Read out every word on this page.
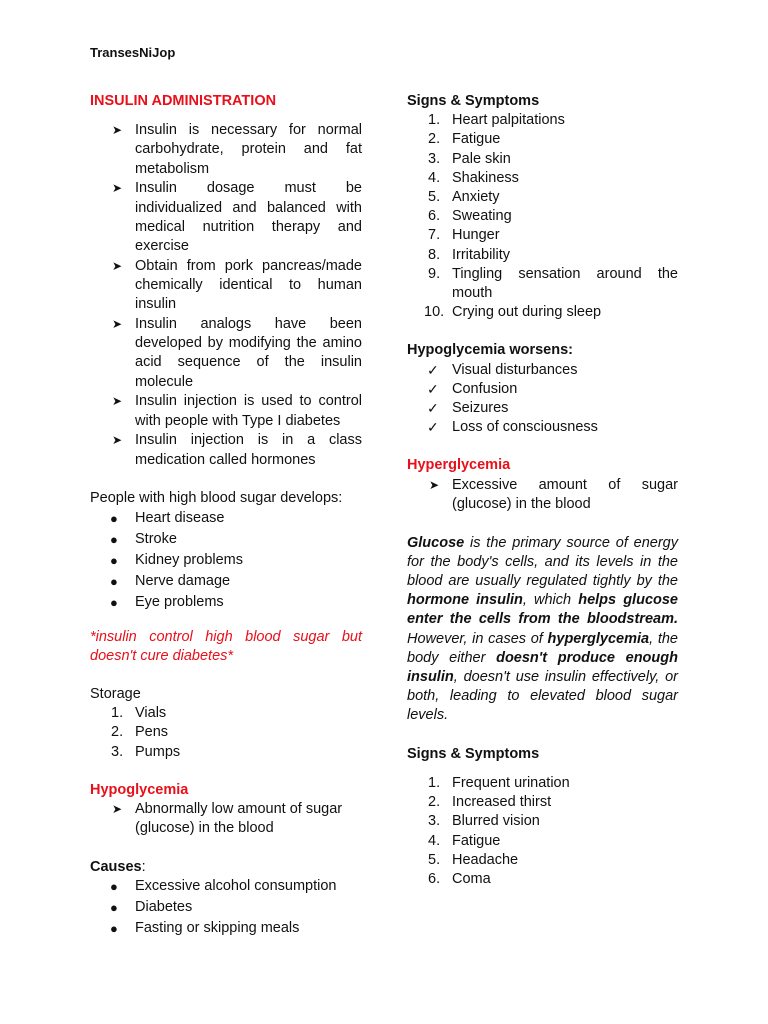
TransesNiJop
INSULIN ADMINISTRATION
➤ Insulin is necessary for normal carbohydrate, protein and fat metabolism
➤ Insulin dosage must be individualized and balanced with medical nutrition therapy and exercise
➤ Obtain from pork pancreas/made chemically identical to human insulin
➤ Insulin analogs have been developed by modifying the amino acid sequence of the insulin molecule
➤ Insulin injection is used to control with people with Type I diabetes
➤ Insulin injection is in a class medication called hormones
People with high blood sugar develops:
● Heart disease
● Stroke
● Kidney problems
● Nerve damage
● Eye problems

*insulin control high blood sugar but doesn't cure diabetes*

Storage
1. Vials
2. Pens
3. Pumps
Hypoglycemia
➤ Abnormally low amount of sugar (glucose) in the blood
Causes:
● Excessive alcohol consumption
● Diabetes
● Fasting or skipping meals
Signs & Symptoms
1. Heart palpitations
2. Fatigue
3. Pale skin
4. Shakiness
5. Anxiety
6. Sweating
7. Hunger
8. Irritability
9. Tingling sensation around the mouth
10. Crying out during sleep
Hypoglycemia worsens:
✓ Visual disturbances
✓ Confusion
✓ Seizures
✓ Loss of consciousness
Hyperglycemia
➤ Excessive amount of sugar (glucose) in the blood

Glucose is the primary source of energy for the body's cells, and its levels in the blood are usually regulated tightly by the hormone insulin, which helps glucose enter the cells from the bloodstream. However, in cases of hyperglycemia, the body either doesn't produce enough insulin, doesn't use insulin effectively, or both, leading to elevated blood sugar levels.

Signs & Symptoms
1. Frequent urination
2. Increased thirst
3. Blurred vision
4. Fatigue
5. Headache
6. Coma
